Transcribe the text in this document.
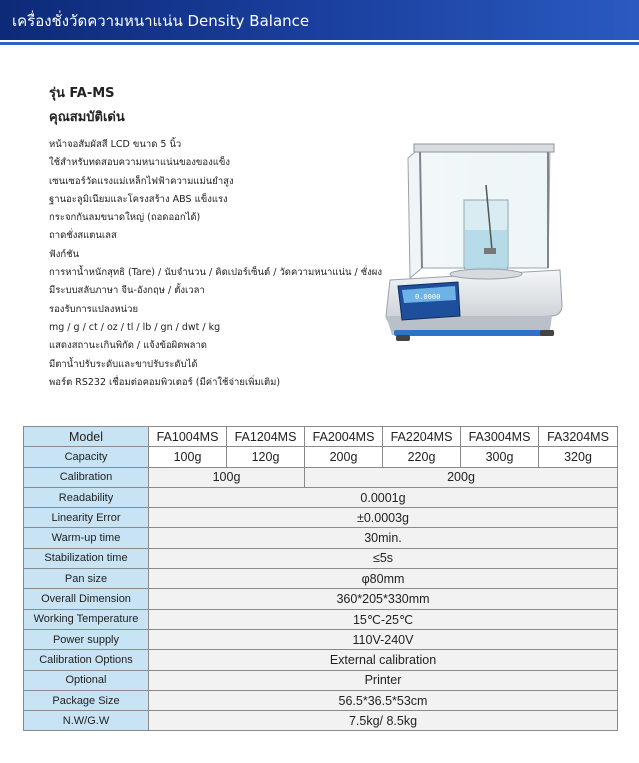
เครื่องชั่งวัดความหนาแน่น Density Balance
รุ่น FA-MS
คุณสมบัติเด่น
หน้าจอสัมผัสสี LCD ขนาด 5 นิ้ว
ใช้สำหรับทดสอบความหนาแน่นของของแข็ง
เซนเซอร์วัดแรงแม่เหล็กไฟฟ้าความแม่นยำสูง
ฐานอะลูมิเนียมและโครงสร้าง ABS แข็งแรง
กระจกกันลมขนาดใหญ่ (ถอดออกได้)
ถาดชั่งสแตนเลส
ฟังก์ชัน
การหาน้ำหนักสุทธิ (Tare) / นับจำนวน / คิดเปอร์เซ็นต์ / วัดความหนาแน่น / ชั่งผง
มีระบบสลับภาษา จีน-อังกฤษ / ตั้งเวลา
รองรับการแปลงหน่วย
mg / g / ct / oz / tl / lb / gn / dwt / kg
แสดงสถานะเกินพิกัด / แจ้งข้อผิดพลาด
มีตาน้ำปรับระดับและขาปรับระดับได้
พอร์ต RS232 เชื่อมต่อคอมพิวเตอร์ (มีค่าใช้จ่ายเพิ่มเติม)
0.0000
Model	FA1004MS	FA1204MS	FA2004MS	FA2204MS	FA3004MS	FA3204MS
Capacity	100g	120g	200g	220g	300g	320g
Calibration	100g		200g			
Readability	0.0001g					
Linearity Error	±0.0003g					
Warm-up time	30min.					
Stabilization time	≤5s					
Pan size	φ80mm					
Overall Dimension	360*205*330mm					
Working Temperature	15℃-25℃					
Power supply	110V-240V					
Calibration Options	External calibration					
Optional	Printer					
Package Size	56.5*36.5*53cm					
N.W/G.W	7.5kg/ 8.5kg					
